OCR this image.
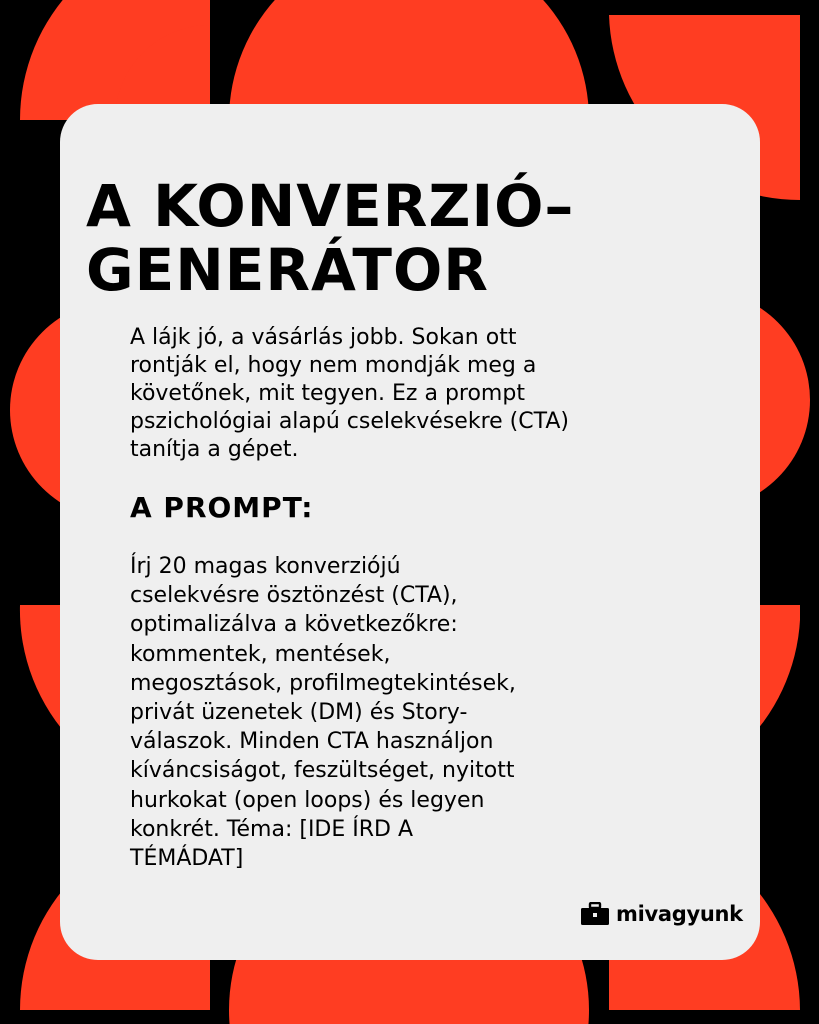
A KONVERZIÓ–
GENERÁTOR

A lájk jó, a vásárlás jobb. Sokan ott
rontják el, hogy nem mondják meg a
követőnek, mit tegyen. Ez a prompt
pszichológiai alapú cselekvésekre (CTA)
tanítja a gépet.

A PROMPT:

Írj 20 magas konverziójú
cselekvésre ösztönzést (CTA),
optimalizálva a következőkre:
kommentek, mentések,
megosztások, profilmegtekintések,
privát üzenetek (DM) és Story-
válaszok. Minden CTA használjon
kíváncsiságot, feszültséget, nyitott
hurkokat (open loops) és legyen
konkrét. Téma: [IDE ÍRD A
TÉMÁDAT]

mivagyunk
